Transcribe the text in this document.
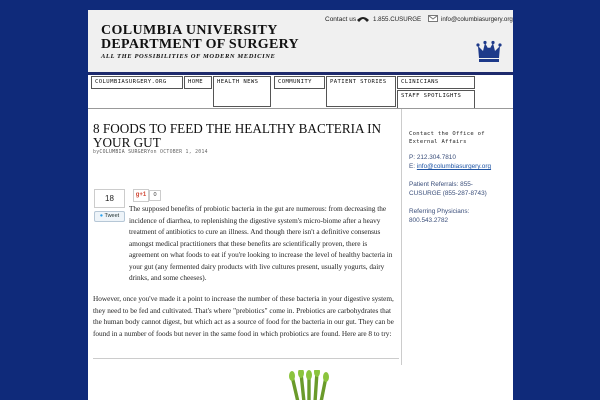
COLUMBIA UNIVERSITY
DEPARTMENT OF SURGERY
ALL THE POSSIBILITIES OF MODERN MEDICINE
Contact us	1.855.CUSURGE	info@columbiasurgery.org
COLUMBIASURGERY.ORG	HOME	HEALTH NEWS	COMMUNITY	PATIENT STORIES	CLINICIANS
STAFF SPOTLIGHTS
8 FOODS TO FEED THE HEALTHY BACTERIA IN YOUR GUT
byCOLUMBIA SURGERYon OCTOBER 1, 2014
18
● Tweet
g+1	0
The supposed benefits of probiotic bacteria in the gut are numerous: from decreasing the incidence of diarrhea, to replenishing the digestive system's micro-biome after a heavy treatment of antibiotics to cure an illness. And though there isn't a definitive consensus amongst medical practitioners that these benefits are scientifically proven, there is agreement on what foods to eat if you're looking to increase the level of healthy bacteria in your gut (any fermented dairy products with live cultures present, usually yogurts, dairy drinks, and some cheeses).
However, once you've made it a point to increase the number of these bacteria in your digestive system, they need to be fed and cultivated. That's where "prebiotics" come in. Prebiotics are carbohydrates that the human body cannot digest, but which act as a source of food for the bacteria in our gut. They can be found in a number of foods but never in the same food in which probiotics are found. Here are 8 to try:
Contact the Office of External Affairs
P: 212.304.7810
E: info@columbiasurgery.org
Patient Referrals: 855-
CUSURGE (855-287-8743)
Referring Physicians:
800.543.2782
